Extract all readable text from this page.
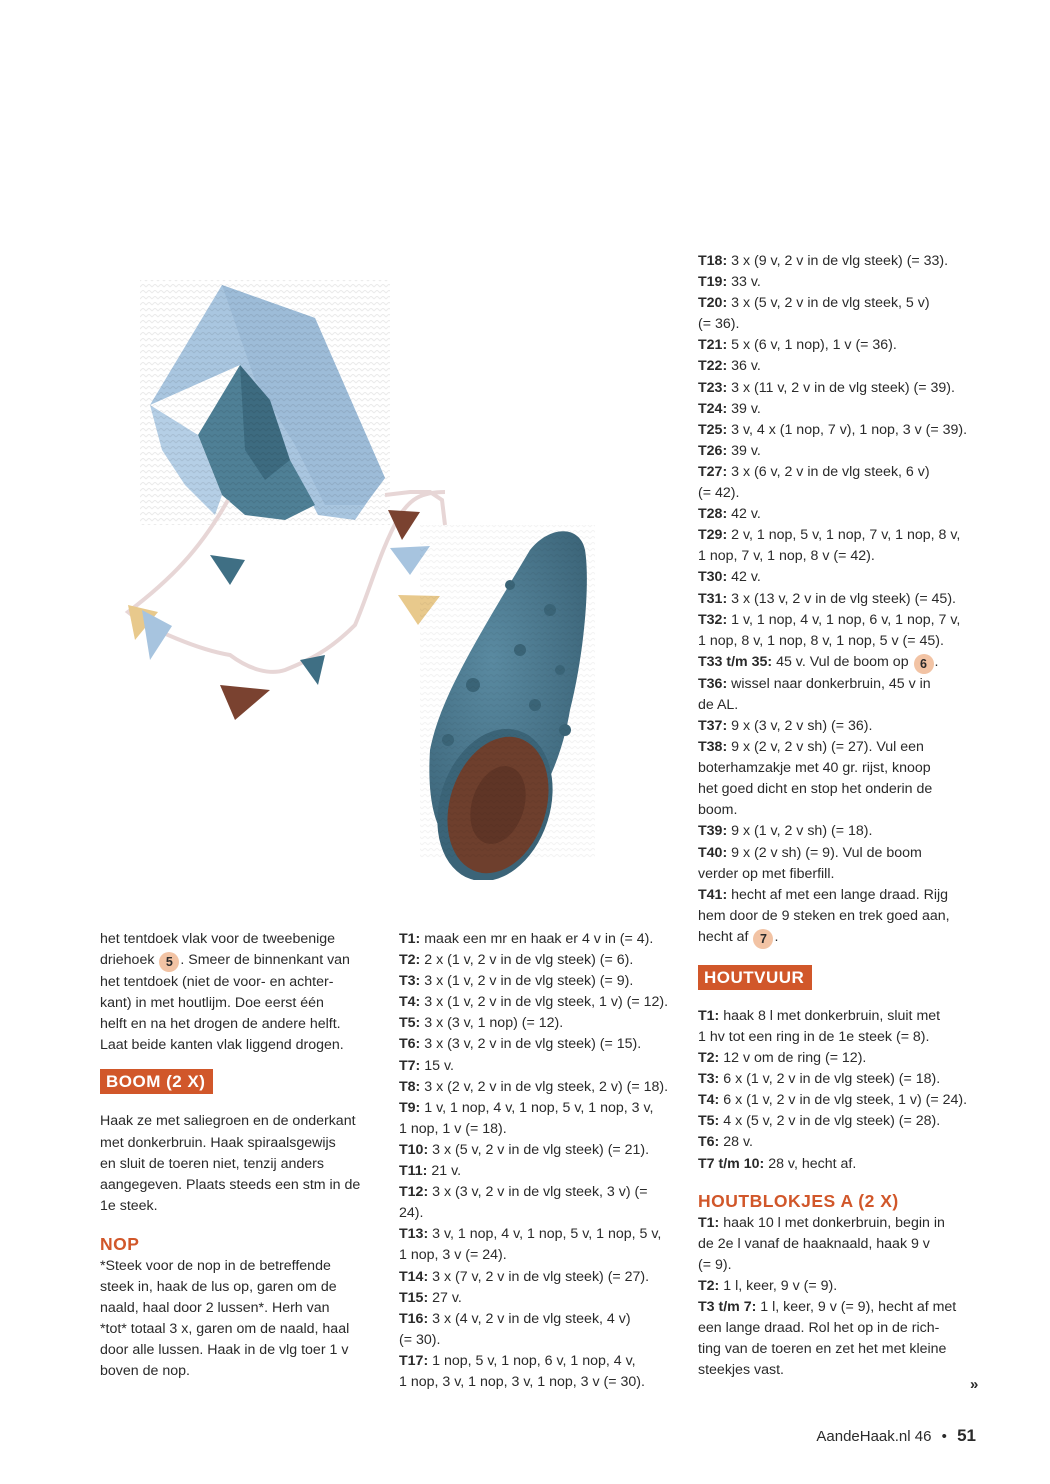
het tentdoek vlak voor de tweebenige

driehoek 5 . Smeer de binnenkant van

het tentdoek (niet de voor- en achter-

kant) in met houtlijm. Doe eerst één

helft en na het drogen de andere helft.

Laat beide kanten vlak liggend drogen.

BOOM (2 X)

Haak ze met saliegroen en de onderkant

met donkerbruin. Haak spiraalsgewijs

en sluit de toeren niet, tenzij anders

aangegeven. Plaats steeds een stm in de

1e steek.

NOP

*Steek voor de nop in de betreffende

steek in, haak de lus op, garen om de

naald, haal door 2 lussen*. Herh van

*tot* totaal 3 x, garen om de naald, haal

door alle lussen. Haak in de vlg toer 1 v

boven de nop.

T1: maak een mr en haak er 4 v in (= 4).

T2: 2 x (1 v, 2 v in de vlg steek) (= 6).

T3: 3 x (1 v, 2 v in de vlg steek) (= 9).

T4: 3 x (1 v, 2 v in de vlg steek, 1 v) (= 12).

T5: 3 x (3 v, 1 nop) (= 12).

T6: 3 x (3 v, 2 v in de vlg steek) (= 15).

T7: 15 v.

T8: 3 x (2 v, 2 v in de vlg steek, 2 v) (= 18).

T9: 1 v, 1 nop, 4 v, 1 nop, 5 v, 1 nop, 3 v,

1 nop, 1 v (= 18).

T10: 3 x (5 v, 2 v in de vlg steek) (= 21).

T11: 21 v.

T12: 3 x (3 v, 2 v in de vlg steek, 3 v) (=

24).

T13: 3 v, 1 nop, 4 v, 1 nop, 5 v, 1 nop, 5 v,

1 nop, 3 v (= 24).

T14: 3 x (7 v, 2 v in de vlg steek) (= 27).

T15: 27 v.

T16: 3 x (4 v, 2 v in de vlg steek, 4 v)

(= 30).

T17: 1 nop, 5 v, 1 nop, 6 v, 1 nop, 4 v,

1 nop, 3 v, 1 nop, 3 v, 1 nop, 3 v (= 30).

T18: 3 x (9 v, 2 v in de vlg steek) (= 33).

T19: 33 v.

T20: 3 x (5 v, 2 v in de vlg steek, 5 v)

(= 36).

T21: 5 x (6 v, 1 nop), 1 v (= 36).

T22: 36 v.

T23: 3 x (11 v, 2 v in de vlg steek) (= 39).

T24: 39 v.

T25: 3 v, 4 x (1 nop, 7 v), 1 nop, 3 v (= 39).

T26: 39 v.

T27: 3 x (6 v, 2 v in de vlg steek, 6 v)

(= 42).

T28: 42 v.

T29: 2 v, 1 nop, 5 v, 1 nop, 7 v, 1 nop, 8 v,

1 nop, 7 v, 1 nop, 8 v (= 42).

T30: 42 v.

T31: 3 x (13 v, 2 v in de vlg steek) (= 45).

T32: 1 v, 1 nop, 4 v, 1 nop, 6 v, 1 nop, 7 v,

1 nop, 8 v, 1 nop, 8 v, 1 nop, 5 v (= 45).

T33 t/m 35: 45 v. Vul de boom op 6 .

T36: wissel naar donkerbruin, 45 v in

de AL.

T37: 9 x (3 v, 2 v sh) (= 36).

T38: 9 x (2 v, 2 v sh) (= 27). Vul een

boterhamzakje met 40 gr. rijst, knoop

het goed dicht en stop het onderin de

boom.

T39: 9 x (1 v, 2 v sh) (= 18).

T40: 9 x (2 v sh) (= 9). Vul de boom

verder op met fiberfill.

T41: hecht af met een lange draad. Rijg

hem door de 9 steken en trek goed aan,

hecht af 7 .

HOUTVUUR

T1: haak 8 l met donkerbruin, sluit met

1 hv tot een ring in de 1e steek (= 8).

T2: 12 v om de ring (= 12).

T3: 6 x (1 v, 2 v in de vlg steek) (= 18).

T4: 6 x (1 v, 2 v in de vlg steek, 1 v) (= 24).

T5: 4 x (5 v, 2 v in de vlg steek) (= 28).

T6: 28 v.

T7 t/m 10: 28 v, hecht af.

HOUTBLOKJES A (2 X)

T1: haak 10 l met donkerbruin, begin in

de 2e l vanaf de haaknaald, haak 9 v

(= 9).

T2: 1 l, keer, 9 v (= 9).

T3 t/m 7: 1 l, keer, 9 v (= 9), hecht af met

een lange draad. Rol het op in de rich-

ting van de toeren en zet het met kleine

steekjes vast.

»
AandeHaak.nl 46 • 51
